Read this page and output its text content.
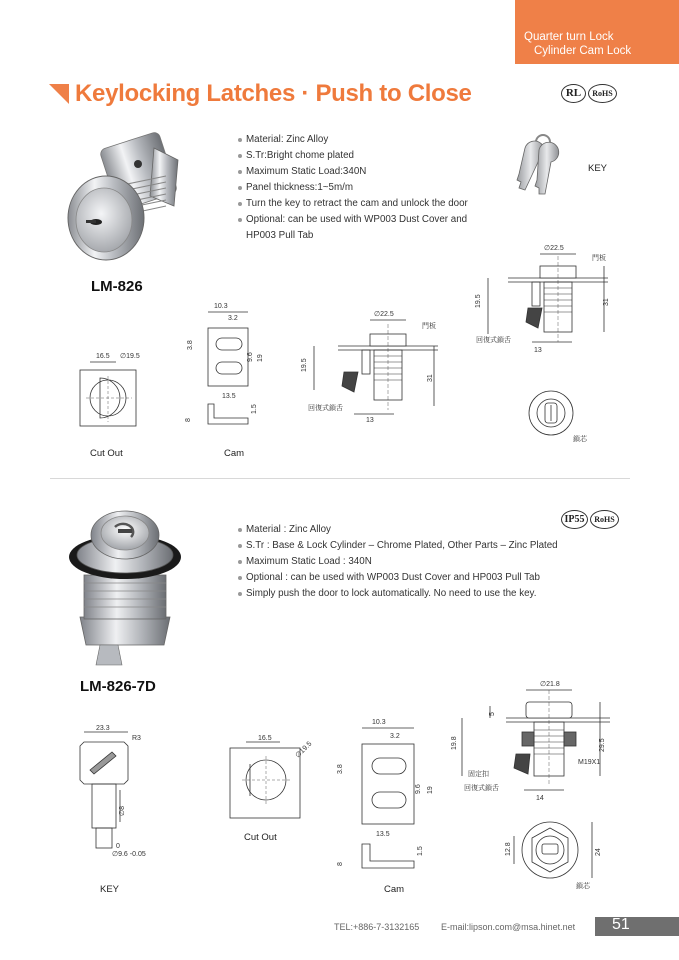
Quarter turn Lock
Cylinder Cam Lock
Keylocking Latches · Push to Close	RL	RoHS
LM-826
Material: Zinc Alloy
S.Tr:Bright chome plated
Maximum Static Load:340N
Panel thickness:1~5m/m
Turn the key to retract the cam and unlock the door
Optional: can be used with WP003 Dust Cover and
HP003 Pull Tab
KEY
∅22.5
門板
19.5	31
回復式鎖舌
13
∅22.5
門板
19.5
31
回復式鎖舌
13
16.5 ∅19.5
Cut Out
10.3
3.2
3.8
9.6 19
13.5
1.5
8
Cam
鎖芯
IP55	RoHS
LM-826-7D
Material : Zinc Alloy
S.Tr : Base & Lock Cylinder – Chrome Plated, Other Parts – Zinc Plated
Maximum Static Load : 340N
Optional : can be used with WP003 Dust Cover and HP003 Pull Tab
Simply push the door to lock automatically. No need to use the key.
∅21.8
5
19.8	29.5
M19X1
固定扣
回復式鎖舌
14
23.3
R3
∅8
0
∅9.6 -0.05
KEY
16.5
∅19.5
Cut Out
10.3
3.2
3.8
9.6 19
13.5
1.5
8
Cam
12.8	24
鎖芯
TEL:+886-7-3132165 E-mail:lipson.com@msa.hinet.net 51
